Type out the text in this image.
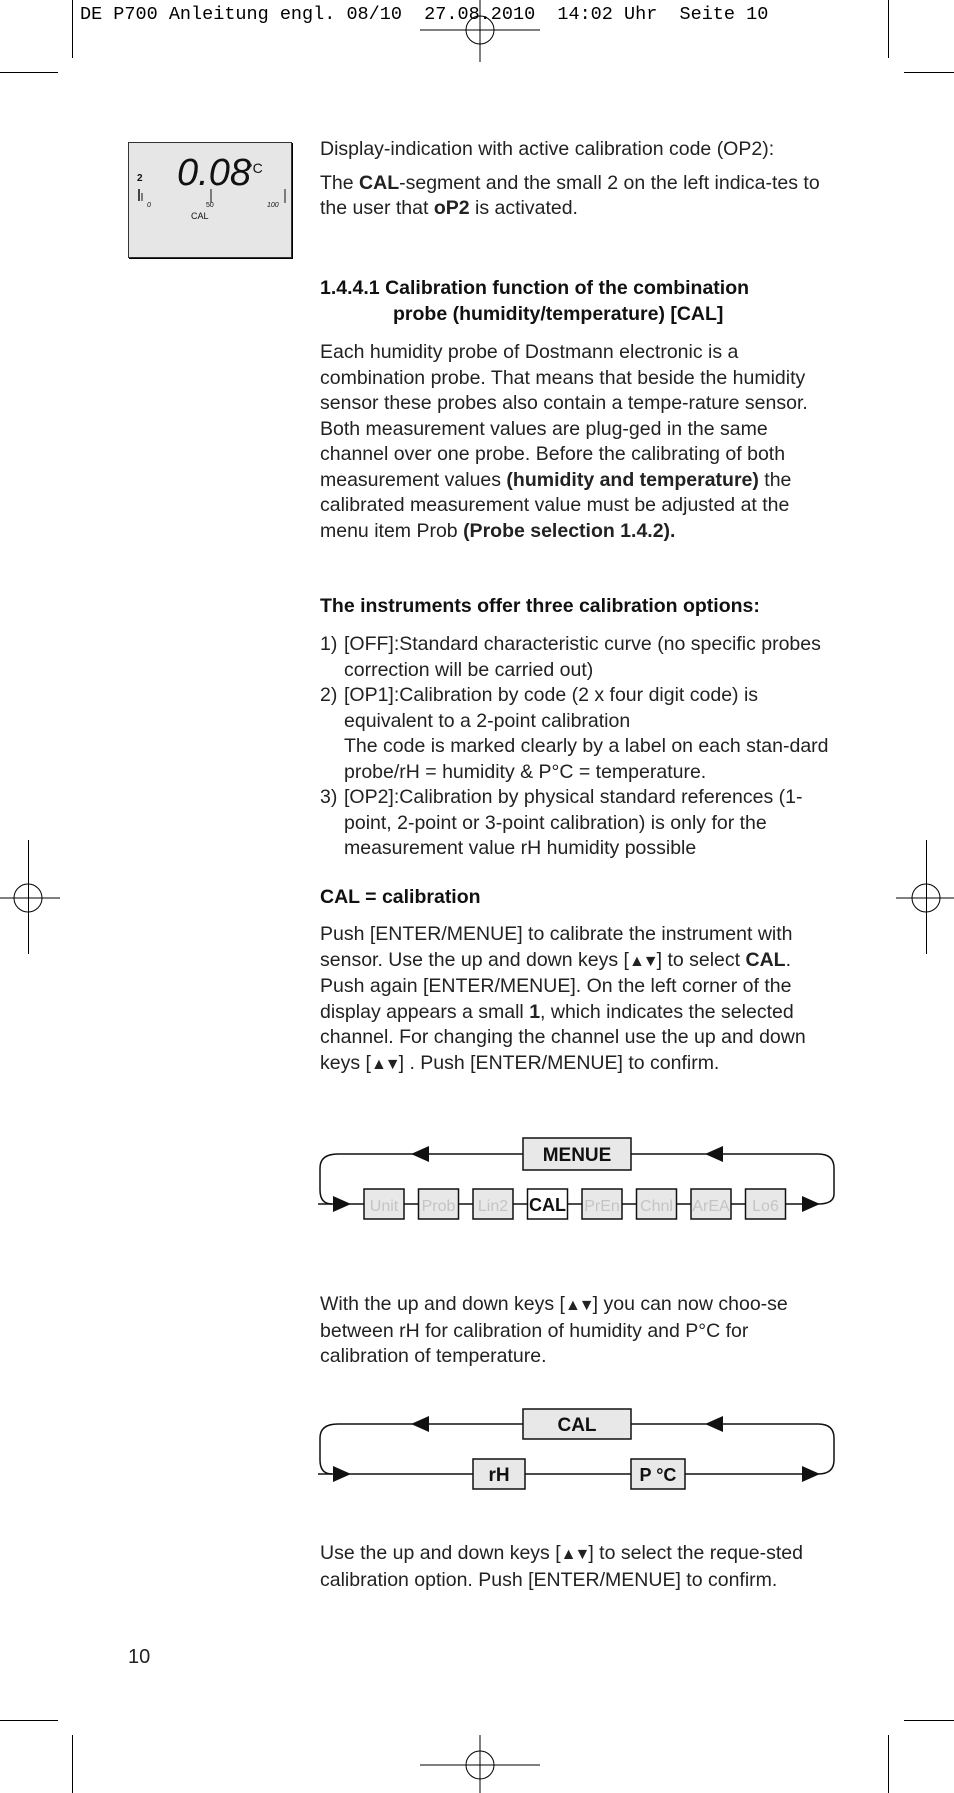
DE P700 Anleitung engl. 08/10  27.08.2010  14:02 Uhr  Seite 10
0.08
°C
2
0	50	100
CAL

Display-indication with active calibration code (OP2):

The CAL-segment and the small 2 on the left indica-tes to the user that oP2 is activated.

1.4.4.1 Calibration function of the combination
probe (humidity/temperature) [CAL]

Each humidity probe of Dostmann electronic is a combination probe. That means that beside the humidity sensor these probes also contain a tempe-rature sensor. Both measurement values are plug-ged in the same channel over one probe. Before the calibrating of both measurement values (humidity and temperature) the calibrated measurement value must be adjusted at the menu item Prob (Probe selection 1.4.2).

The instruments offer three calibration options:
1) [OFF]:Standard characteristic curve (no specific probes correction will be carried out)
2) [OP1]:Calibration by code (2 x four digit code) is equivalent to a 2-point calibration
The code is marked clearly by a label on each stan-dard probe/rH = humidity & P°C = temperature.
3) [OP2]:Calibration by physical standard references (1-point, 2-point or 3-point calibration) is only for the measurement value rH humidity possible
CAL = calibration

Push [ENTER/MENUE] to calibrate the instrument with sensor. Use the up and down keys [▲▼] to select CAL. Push again [ENTER/MENUE]. On the left corner of the display appears a small 1, which indicates the selected channel. For changing the channel use the up and down keys [▲▼] . Push [ENTER/MENUE] to confirm.

MENUE
Unit Prob Lin2 CAL PrEn Chnl ArEA Lo6

With the up and down keys [▲▼] you can now choo-se between rH for calibration of humidity and P°C for calibration of temperature.

CAL
rH	P °C

Use the up and down keys [▲▼] to select the reque-sted calibration option. Push [ENTER/MENUE] to confirm.

10
